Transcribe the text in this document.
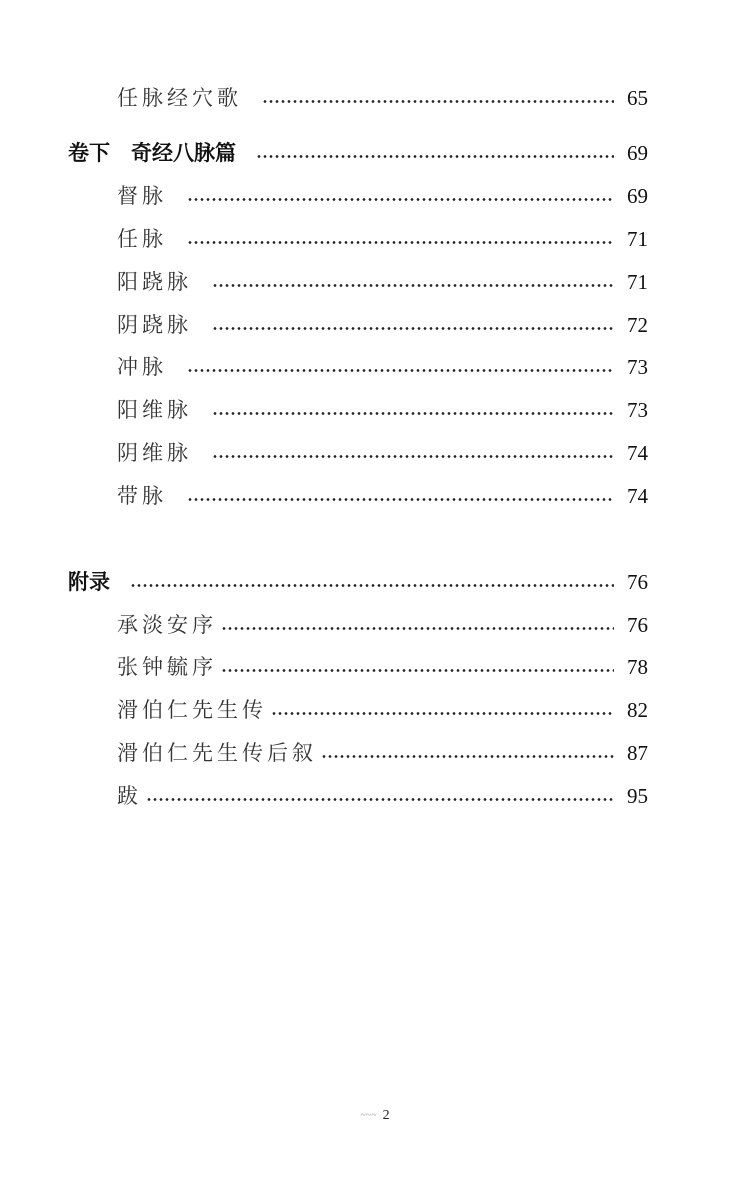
任脉经穴歌	65
卷下　奇经八脉篇	69
督脉	69
任脉	71
阳跷脉	71
阴跷脉	72
冲脉	73
阳维脉	73
阴维脉	74
带脉	74
附录	76
承淡安序	76
张钟毓序	78
滑伯仁先生传	82
滑伯仁先生传后叙	87
跋	95
~~~ 2
